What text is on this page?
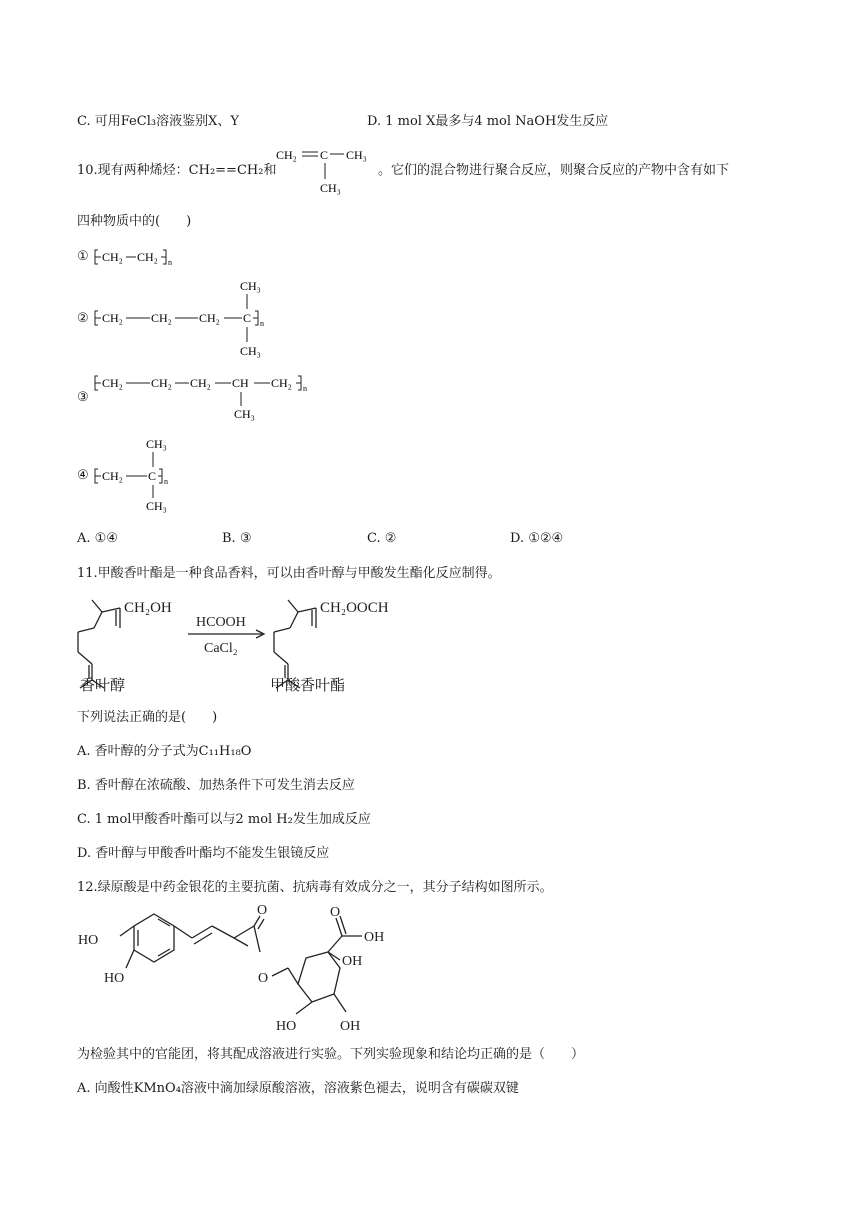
C. 可用FeCl₃溶液鉴别X、Y	D. 1 mol X最多与4 mol NaOH发生反应
10.现有两种烯烃：CH₂==CH₂和
CH₂ C CH₃
CH₃
。它们的混合物进行聚合反应，则聚合反应的产物中含有如下
四种物质中的(　　)
① CH₂ CH₂ n
②
CH₃
CH₂ CH₂ CH₂ C n
CH₃
③
CH₂ CH₂ CH₂ CH CH₂ n
CH₃
④
CH₃
CH₂ C n
CH₃
A. ①④	B. ③	C. ②	D. ①②④
11.甲酸香叶酯是一种食品香料，可以由香叶醇与甲酸发生酯化反应制得。
CH₂OH
HCOOH
CaCl₂
CH₂OOCH
香叶醇	甲酸香叶酯
下列说法正确的是(　　)
A. 香叶醇的分子式为C₁₁H₁₈O
B. 香叶醇在浓硫酸、加热条件下可发生消去反应
C. 1 mol甲酸香叶酯可以与2 mol H₂发生加成反应
D. 香叶醇与甲酸香叶酯均不能发生银镜反应
12.绿原酸是中药金银花的主要抗菌、抗病毒有效成分之一，其分子结构如图所示。
HO
HO
O
O
O
OH
OH
HO	OH
为检验其中的官能团，将其配成溶液进行实验。下列实验现象和结论均正确的是（　　）
A. 向酸性KMnO₄溶液中滴加绿原酸溶液，溶液紫色褪去，说明含有碳碳双键
